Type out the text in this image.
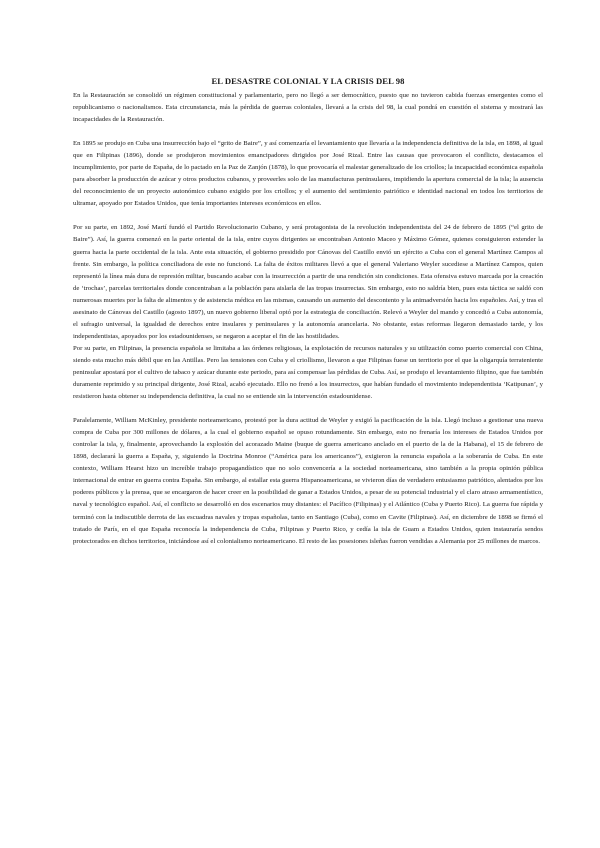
EL DESASTRE COLONIAL Y LA CRISIS DEL 98

En la Restauración se consolidó un régimen constitucional y parlamentario, pero no llegó a ser democrático, puesto que no tuvieron cabida fuerzas emergentes como el republicanismo o nacionalismos. Esta circunstancia, más la pérdida de guerras coloniales, llevará a la crisis del 98, la cual pondrá en cuestión el sistema y mostrará las incapacidades de la Restauración.

En 1895 se produjo en Cuba una insurrección bajo el “grito de Baire”, y así comenzaría el levantamiento que llevaría a la independencia definitiva de la isla, en 1898, al igual que en Filipinas (1896), donde se produjeron movimientos emancipadores dirigidos por José Rizal. Entre las causas que provocaron el conflicto, destacamos el incumplimiento, por parte de España, de lo pactado en la Paz de Zanjón (1878), lo que provocaría el malestar generalizado de los criollos; la incapacidad económica española para absorber la producción de azúcar y otros productos cubanos, y proveerles solo de las manufacturas peninsulares, impidiendo la apertura comercial de la isla; la ausencia del reconocimiento de un proyecto autonómico cubano exigido por los criollos; y el aumento del sentimiento patriótico e identidad nacional en todos los territorios de ultramar, apoyado por Estados Unidos, que tenía importantes intereses económicos en ellos.

Por su parte, en 1892, José Martí fundó el Partido Revolucionario Cubano, y será protagonista de la revolución independentista del 24 de febrero de 1895 (“el grito de Baire”). Así, la guerra comenzó en la parte oriental de la isla, entre cuyos dirigentes se encontraban Antonio Maceo y Máximo Gómez, quienes consiguieron extender la guerra hacia la parte occidental de la isla. Ante esta situación, el gobierno presidido por Cánovas del Castillo envió un ejército a Cuba con el general Martínez Campos al frente. Sin embargo, la política conciliadora de este no funcionó. La falta de éxitos militares llevó a que el general Valeriano Weyler sucediese a Martínez Campos, quien representó la línea más dura de represión militar, buscando acabar con la insurrección a partir de una rendición sin condiciones. Esta ofensiva estuvo marcada por la creación de ‘trochas’, parcelas territoriales donde concentraban a la población para aislarla de las tropas insurrectas. Sin embargo, esto no saldría bien, pues esta táctica se saldó con numerosas muertes por la falta de alimentos y de asistencia médica en las mismas, causando un aumento del descontento y la animadversión hacia los españoles. Así, y tras el asesinato de Cánovas del Castillo (agosto 1897), un nuevo gobierno liberal optó por la estrategia de conciliación. Relevó a Weyler del mando y concedió a Cuba autonomía, el sufragio universal, la igualdad de derechos entre insulares y peninsulares y la autonomía arancelaria. No obstante, estas reformas llegaron demasiado tarde, y los independentistas, apoyados por los estadounidenses, se negaron a aceptar el fin de las hostilidades.

Por su parte, en Filipinas, la presencia española se limitaba a las órdenes religiosas, la explotación de recursos naturales y su utilización como puerto comercial con China, siendo esta mucho más débil que en las Antillas. Pero las tensiones con Cuba y el criollismo, llevaron a que Filipinas fuese un territorio por el que la oligarquía terrateniente peninsular apostará por el cultivo de tabaco y azúcar durante este periodo, para así compensar las pérdidas de Cuba. Así, se produjo el levantamiento filipino, que fue también duramente reprimido y su principal dirigente, José Rizal, acabó ejecutado. Ello no frenó a los insurrectos, que habían fundado el movimiento independentista ‘Katipunan’, y resistieron hasta obtener su independencia definitiva, la cual no se entiende sin la intervención estadounidense.

Paralelamente, William McKinley, presidente norteamericano, protestó por la dura actitud de Weyler y exigió la pacificación de la isla. Llegó incluso a gestionar una nueva compra de Cuba por 300 millones de dólares, a la cual el gobierno español se opuso rotundamente. Sin embargo, esto no frenaría los intereses de Estados Unidos por controlar la isla, y, finalmente, aprovechando la explosión del acorazado Maine (buque de guerra americano anclado en el puerto de la de la Habana), el 15 de febrero de 1898, declarará la guerra a España, y, siguiendo la Doctrina Monroe (“América para los americanos”), exigieron la renuncia española a la soberanía de Cuba. En este contexto, William Hearst hizo un increíble trabajo propagandístico que no solo convencería a la sociedad norteamericana, sino también a la propia opinión pública internacional de entrar en guerra contra España. Sin embargo, al estallar esta guerra Hispanoamericana, se vivieron días de verdadero entusiasmo patriótico, alentados por los poderes públicos y la prensa, que se encargaron de hacer creer en la posibilidad de ganar a Estados Unidos, a pesar de su potencial industrial y el claro atraso armamentístico, naval y tecnológico español. Así, el conflicto se desarrolló en dos escenarios muy distantes: el Pacífico (Filipinas) y el Atlántico (Cuba y Puerto Rico). La guerra fue rápida y terminó con la indiscutible derrota de las escuadras navales y tropas españolas, tanto en Santiago (Cuba), como en Cavite (Filipinas). Así, en diciembre de 1898 se firmó el tratado de París, en el que España reconocía la independencia de Cuba, Filipinas y Puerto Rico, y cedía la isla de Guam a Estados Unidos, quien instauraría sendos protectorados en dichos territorios, iniciándose así el colonialismo norteamericano. El resto de las posesiones isleñas fueron vendidas a Alemania por 25 millones de marcos.
